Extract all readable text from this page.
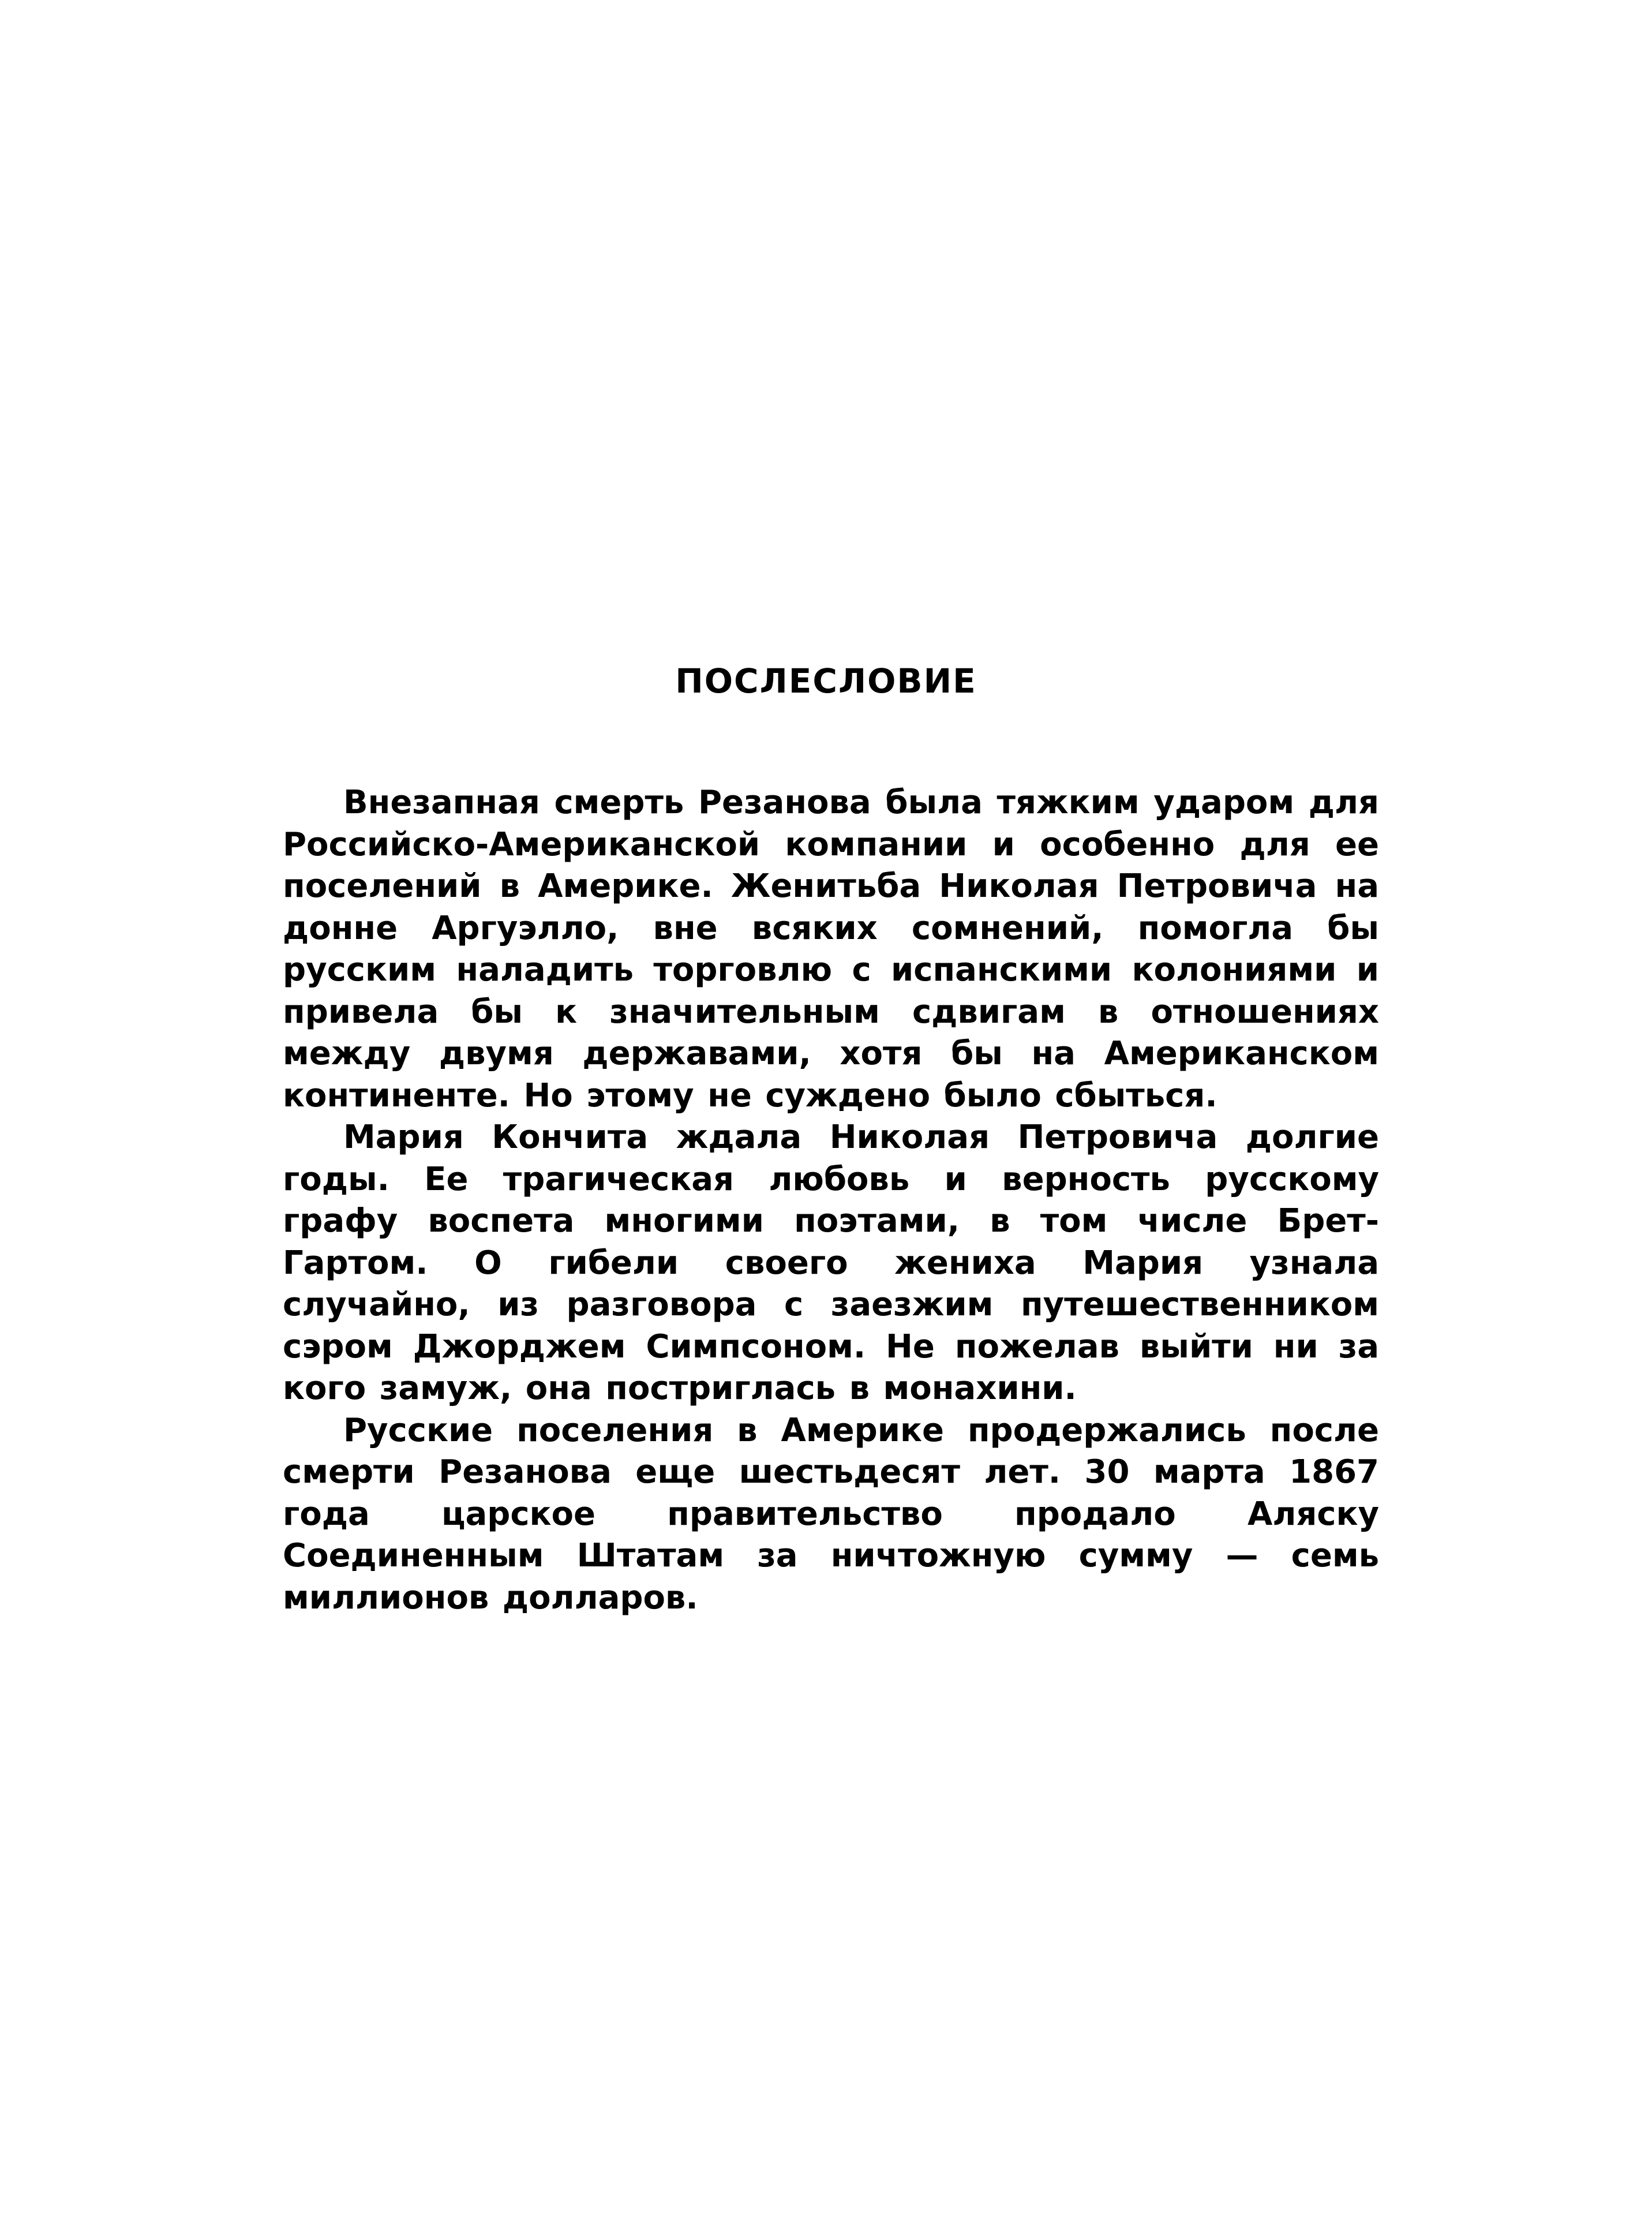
ПОСЛЕСЛОВИЕ

Внезапная смерть Резанова была тяжким ударом для Российско-Американской компании и особенно для ее поселений в Америке. Женитьба Николая Петровича на донне Аргуэлло, вне всяких сомнений, помогла бы русским наладить торговлю с испанскими колониями и привела бы к значительным сдвигам в отношениях между двумя державами, хотя бы на Американском континенте. Но этому не суждено было сбыться.

Мария Кончита ждала Николая Петровича долгие годы. Ее трагическая любовь и верность русскому графу воспета многими поэтами, в том числе Брет-Гартом. О гибели своего жениха Мария узнала случайно, из разговора с заезжим путешественником сэром Джорджем Симпсоном. Не пожелав выйти ни за кого замуж, она постриглась в монахини.

Русские поселения в Америке продержались после смерти Резанова еще шестьдесят лет. 30 марта 1867 года царское правительство продало Аляску Соединенным Штатам за ничтожную сумму — семь миллионов долларов.
